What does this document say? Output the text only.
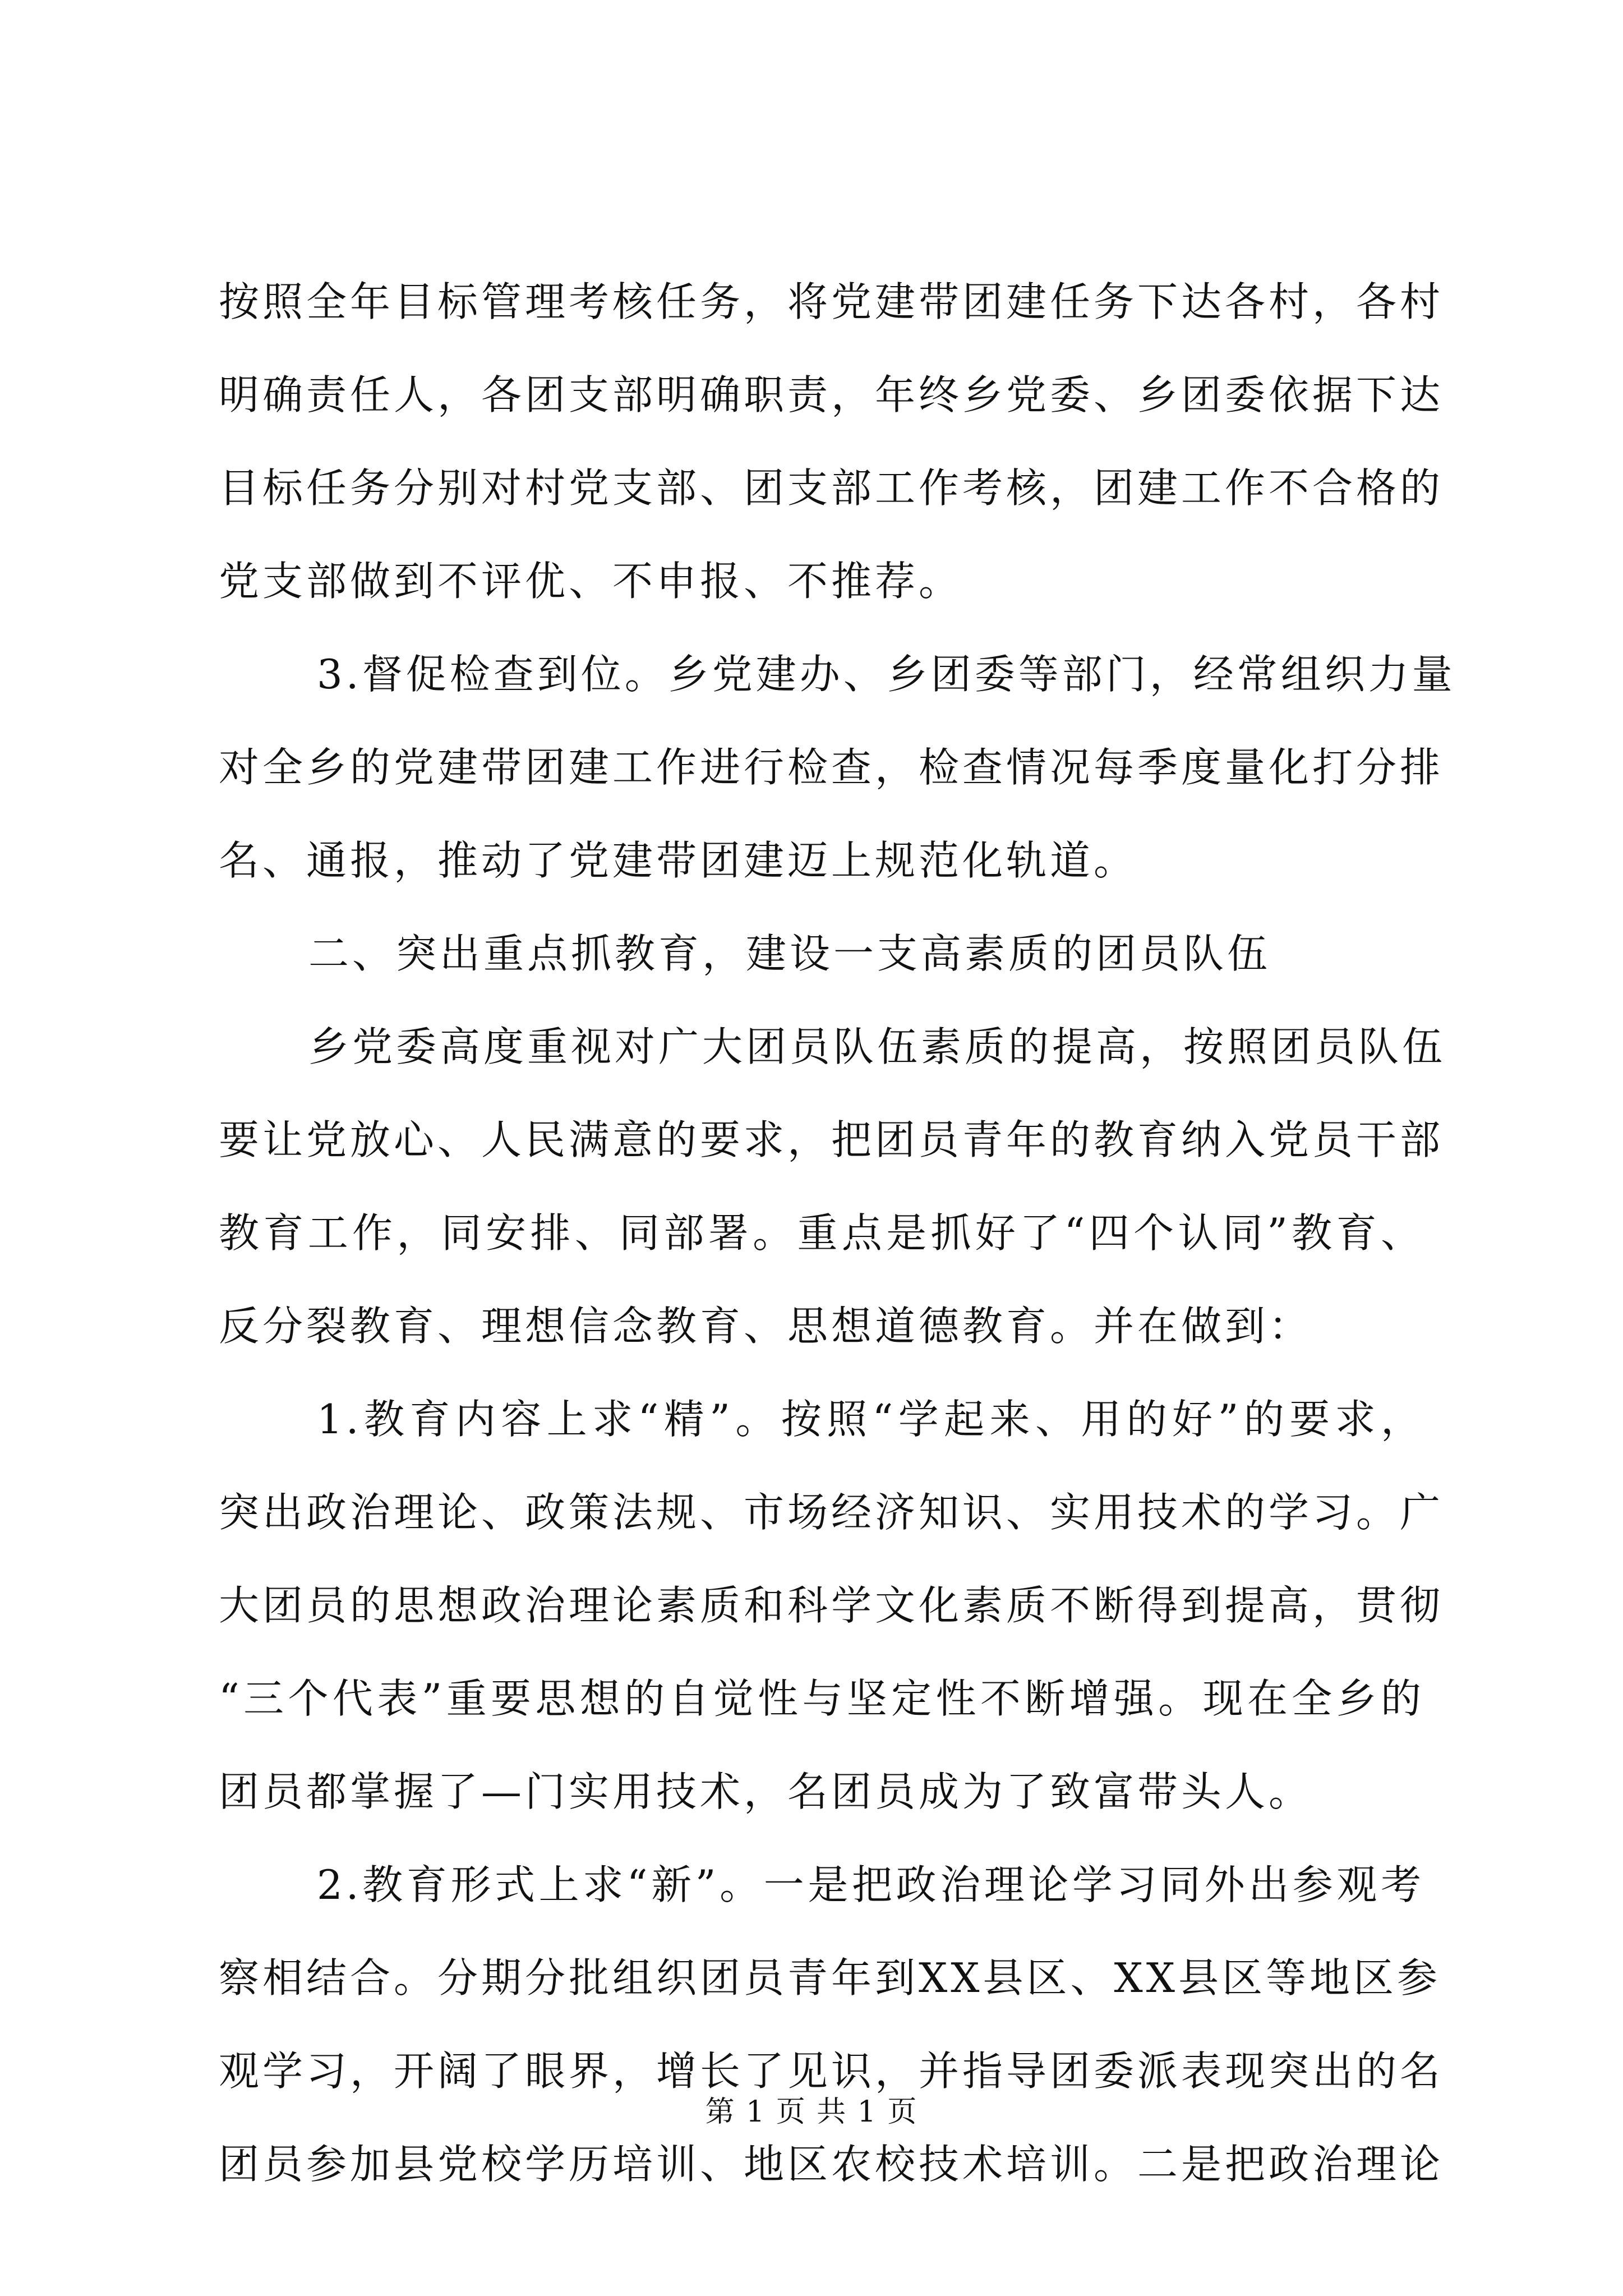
按照全年目标管理考核任务，将党建带团建任务下达各村，各村
明确责任人，各团支部明确职责，年终乡党委、乡团委依据下达
目标任务分别对村党支部、团支部工作考核，团建工作不合格的
党支部做到不评优、不申报、不推荐。
3.督促检查到位。乡党建办、乡团委等部门，经常组织力量
对全乡的党建带团建工作进行检查，检查情况每季度量化打分排
名、通报，推动了党建带团建迈上规范化轨道。
二、突出重点抓教育，建设一支高素质的团员队伍
乡党委高度重视对广大团员队伍素质的提高，按照团员队伍
要让党放心、人民满意的要求，把团员青年的教育纳入党员干部
教育工作，同安排、同部署。重点是抓好了“四个认同”教育、
反分裂教育、理想信念教育、思想道德教育。并在做到：
1.教育内容上求“精”。按照“学起来、用的好”的要求，
突出政治理论、政策法规、市场经济知识、实用技术的学习。广
大团员的思想政治理论素质和科学文化素质不断得到提高，贯彻
“三个代表”重要思想的自觉性与坚定性不断增强。现在全乡的
团员都掌握了—门实用技术，名团员成为了致富带头人。
2.教育形式上求“新”。一是把政治理论学习同外出参观考
察相结合。分期分批组织团员青年到XX县区、XX县区等地区参
观学习，开阔了眼界，增长了见识，并指导团委派表现突出的名
团员参加县党校学历培训、地区农校技术培训。二是把政治理论
第 1 页 共 1 页
